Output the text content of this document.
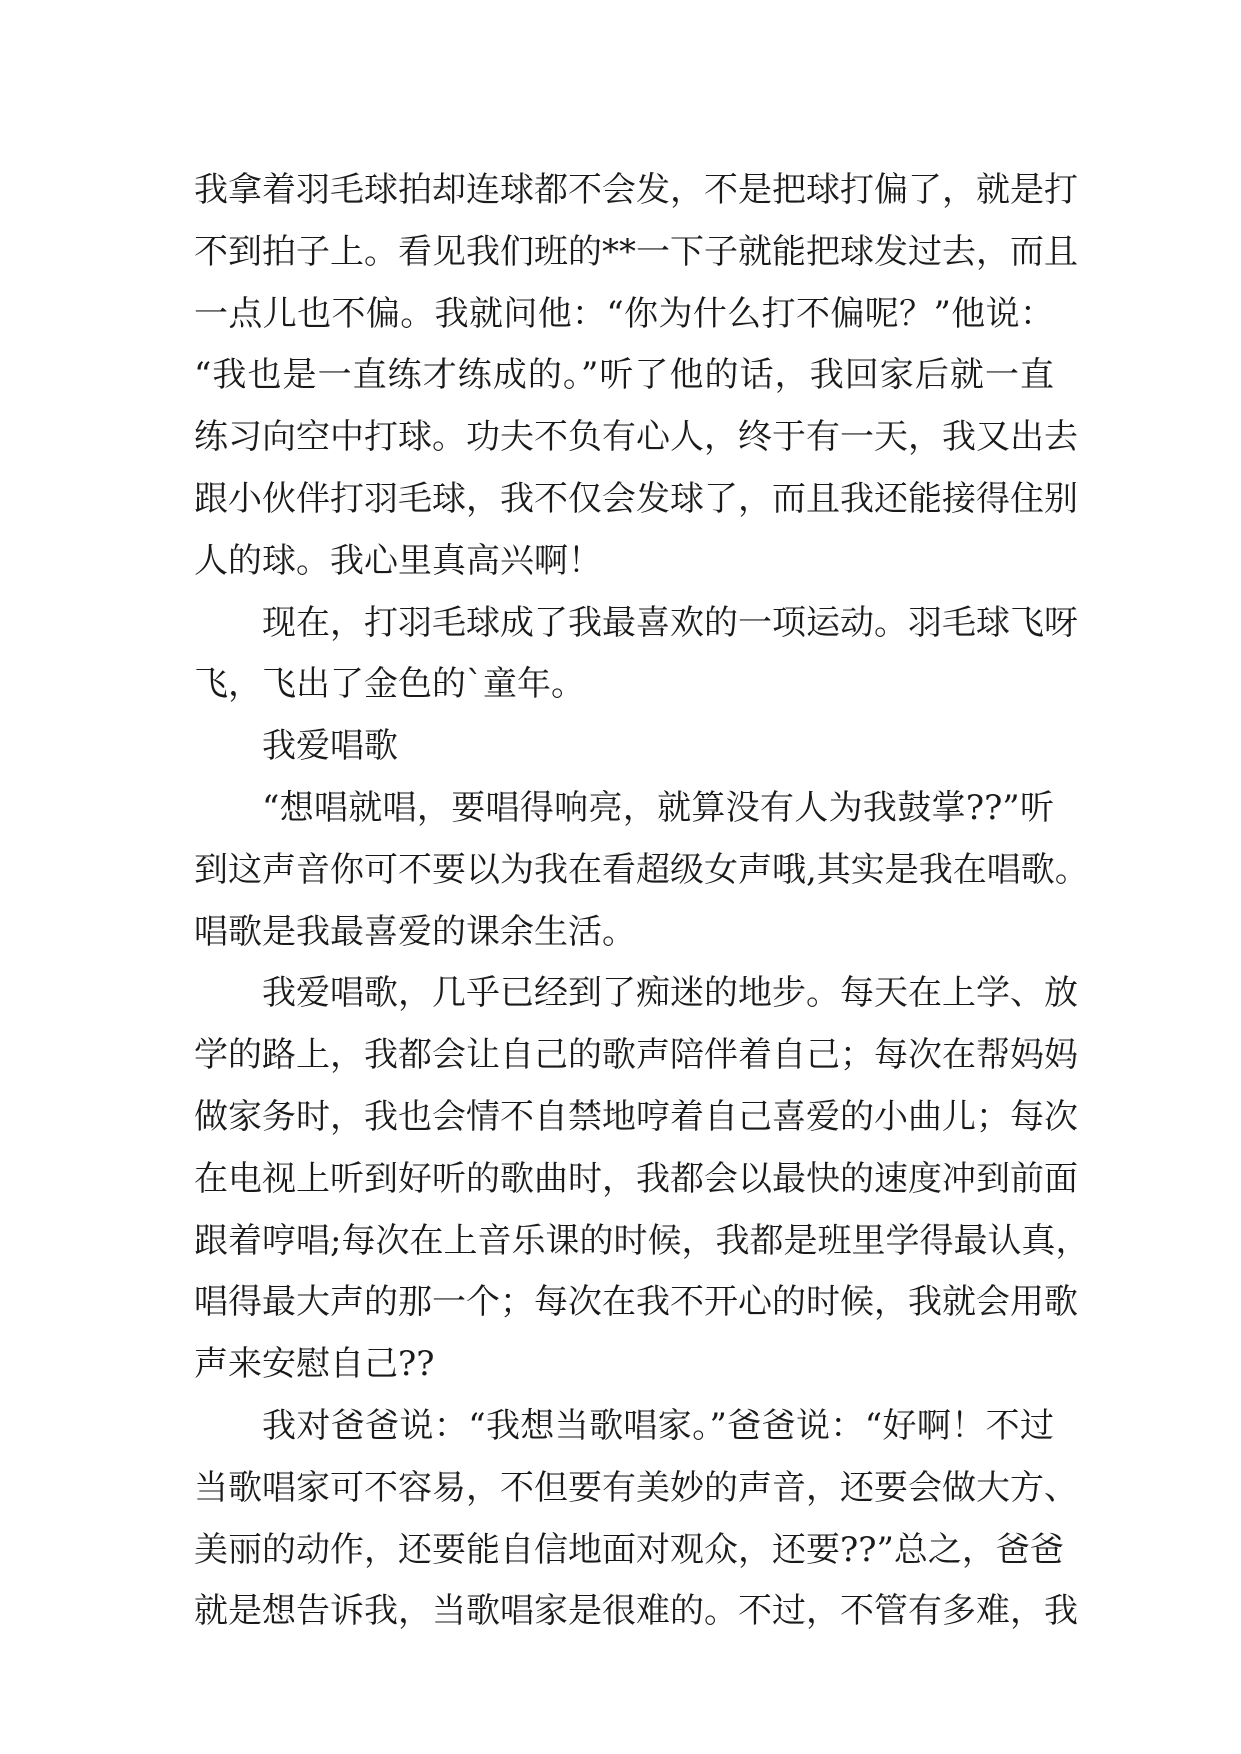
我拿着羽毛球拍却连球都不会发，不是把球打偏了，就是打
不到拍子上。看见我们班的**一下子就能把球发过去，而且
一点儿也不偏。我就问他：“你为什么打不偏呢？”他说：
“我也是一直练才练成的。”听了他的话，我回家后就一直
练习向空中打球。功夫不负有心人，终于有一天，我又出去
跟小伙伴打羽毛球，我不仅会发球了，而且我还能接得住别
人的球。我心里真高兴啊！
现在，打羽毛球成了我最喜欢的一项运动。羽毛球飞呀
飞，飞出了金色的`童年。
我爱唱歌
“想唱就唱，要唱得响亮，就算没有人为我鼓掌??”听
到这声音你可不要以为我在看超级女声哦,其实是我在唱歌。
唱歌是我最喜爱的课余生活。
我爱唱歌，几乎已经到了痴迷的地步。每天在上学、放
学的路上，我都会让自己的歌声陪伴着自己；每次在帮妈妈
做家务时，我也会情不自禁地哼着自己喜爱的小曲儿；每次
在电视上听到好听的歌曲时，我都会以最快的速度冲到前面
跟着哼唱;每次在上音乐课的时候，我都是班里学得最认真，
唱得最大声的那一个；每次在我不开心的时候，我就会用歌
声来安慰自己??
我对爸爸说：“我想当歌唱家。”爸爸说：“好啊！不过
当歌唱家可不容易，不但要有美妙的声音，还要会做大方、
美丽的动作，还要能自信地面对观众，还要??”总之，爸爸
就是想告诉我，当歌唱家是很难的。不过，不管有多难，我
